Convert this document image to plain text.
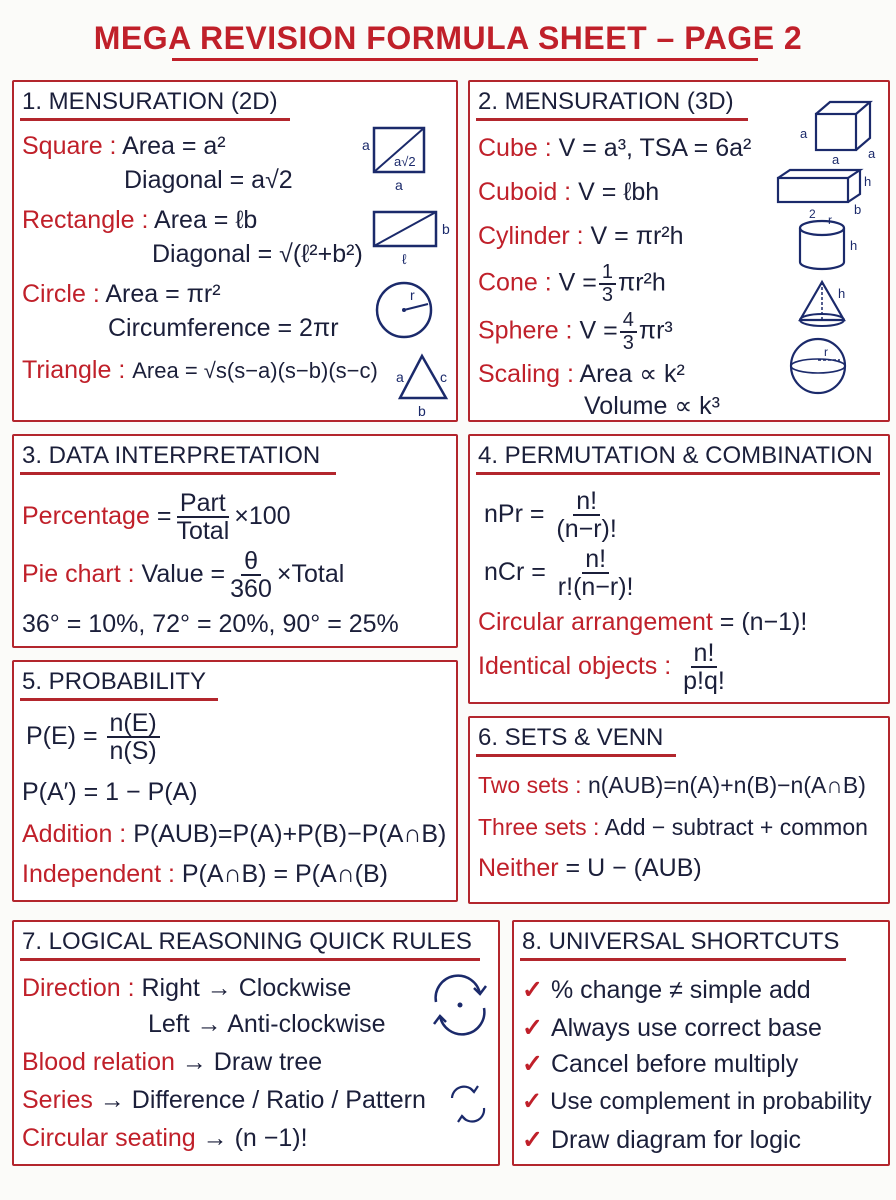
MEGA REVISION FORMULA SHEET – PAGE 2
1. MENSURATION (2D)
Square : Area = a²
Diagonal = a√2
Rectangle : Area = ℓb
Diagonal = √(ℓ²+b²)
Circle : Area = πr²
Circumference = 2πr
Triangle : Area = √s(s−a)(s−b)(s−c)
a
a√2
a
b
ℓ
r
a	c
b
2. MENSURATION (3D)
Cube : V = a³, TSA = 6a²
Cuboid : V = ℓbh
Cylinder : V = πr²h
Cone : $V = \frac{1}{3} \pi r^2h$
Sphere : $V = \frac{4}{3} \pi r^3$
Scaling : Area ∝ k²
Volume ∝ k³
a
a a
h
b
2 r
h
h
r
3. DATA INTERPRETATION
Percentage = $\frac{\text{Part}}{\text{Total}} \times 100$
Pie chart : Value = $\frac{\theta}{360}$ ×Total
36° = 10%, 72° = 20%, 90° = 25%
4. PERMUTATION & COMBINATION
nPr = $\frac{n!}{(n-r)!}$
nCr = $\frac{n!}{r!(n-r)!}$
Circular arrangement = (n−1)!
Identical objects : $\frac{n!}{p!q!}$
5. PROBABILITY
$P(E) = \frac{n(E)}{n(S)}$
P(A′) = 1 − P(A)
Addition : P(AUB)=P(A)+P(B)−P(A∩B)
Independent : P(A∩B) = P(A∩(B)
6. SETS & VENN
Two sets : n(AUB)=n(A)+n(B)−n(A∩B)
Three sets : Add − subtract + common
Neither = U − (AUB)
7. LOGICAL REASONING QUICK RULES
Direction : Right → Clockwise
Left → Anti-clockwise
Blood relation → Draw tree
Series → Difference / Ratio / Pattern
Circular seating → (n −1)!
8. UNIVERSAL SHORTCUTS
✓ % change ≠ simple add
✓ Always use correct base
✓ Cancel before multiply
✓ Use complement in probability
✓ Draw diagram for logic
